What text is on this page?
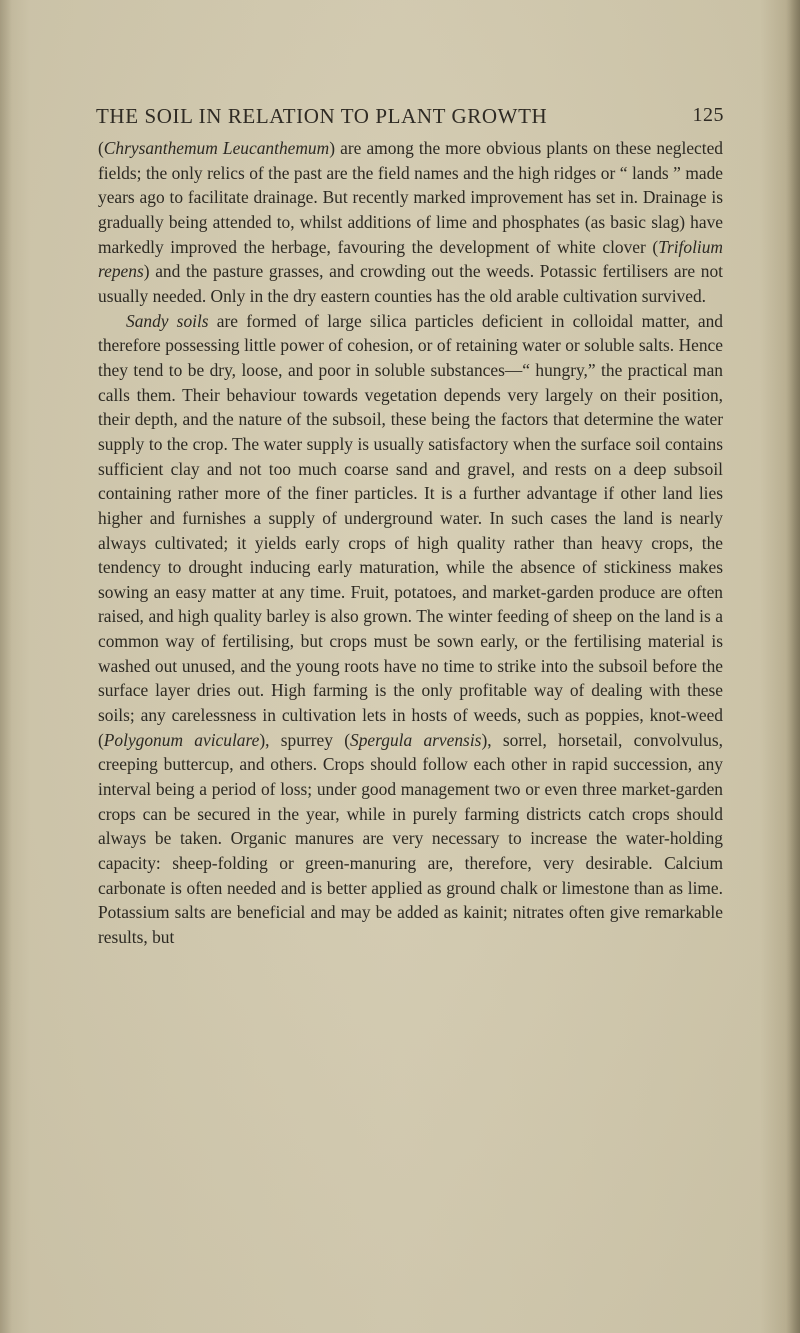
THE SOIL IN RELATION TO PLANT GROWTH	125

(Chrysanthemum Leucanthemum) are among the more obvious plants on these neglected fields; the only relics of the past are the field names and the high ridges or “ lands ” made years ago to facilitate drainage. But recently marked improvement has set in. Drainage is gradually being attended to, whilst additions of lime and phosphates (as basic slag) have markedly improved the herbage, favouring the development of white clover (Trifolium repens) and the pasture grasses, and crowding out the weeds. Potassic fertilisers are not usually needed. Only in the dry eastern counties has the old arable cultivation survived.

Sandy soils are formed of large silica particles deficient in colloidal matter, and therefore possessing little power of cohesion, or of retaining water or soluble salts. Hence they tend to be dry, loose, and poor in soluble substances—“ hungry,” the practical man calls them. Their behaviour towards vegetation depends very largely on their position, their depth, and the nature of the subsoil, these being the factors that determine the water supply to the crop. The water supply is usually satisfactory when the surface soil contains sufficient clay and not too much coarse sand and gravel, and rests on a deep subsoil containing rather more of the finer particles. It is a further advantage if other land lies higher and furnishes a supply of underground water. In such cases the land is nearly always cultivated; it yields early crops of high quality rather than heavy crops, the tendency to drought inducing early maturation, while the absence of stickiness makes sowing an easy matter at any time. Fruit, potatoes, and market-garden produce are often raised, and high quality barley is also grown. The winter feeding of sheep on the land is a common way of fertilising, but crops must be sown early, or the fertilising material is washed out unused, and the young roots have no time to strike into the subsoil before the surface layer dries out. High farming is the only profitable way of dealing with these soils; any carelessness in cultivation lets in hosts of weeds, such as poppies, knot-weed (Polygonum aviculare), spurrey (Spergula arvensis), sorrel, horsetail, convolvulus, creeping buttercup, and others. Crops should follow each other in rapid succession, any interval being a period of loss; under good management two or even three market-garden crops can be secured in the year, while in purely farming districts catch crops should always be taken. Organic manures are very necessary to increase the water-holding capacity: sheep-folding or green-manuring are, therefore, very desirable. Calcium carbonate is often needed and is better applied as ground chalk or limestone than as lime. Potassium salts are beneficial and may be added as kainit; nitrates often give remarkable results, but
